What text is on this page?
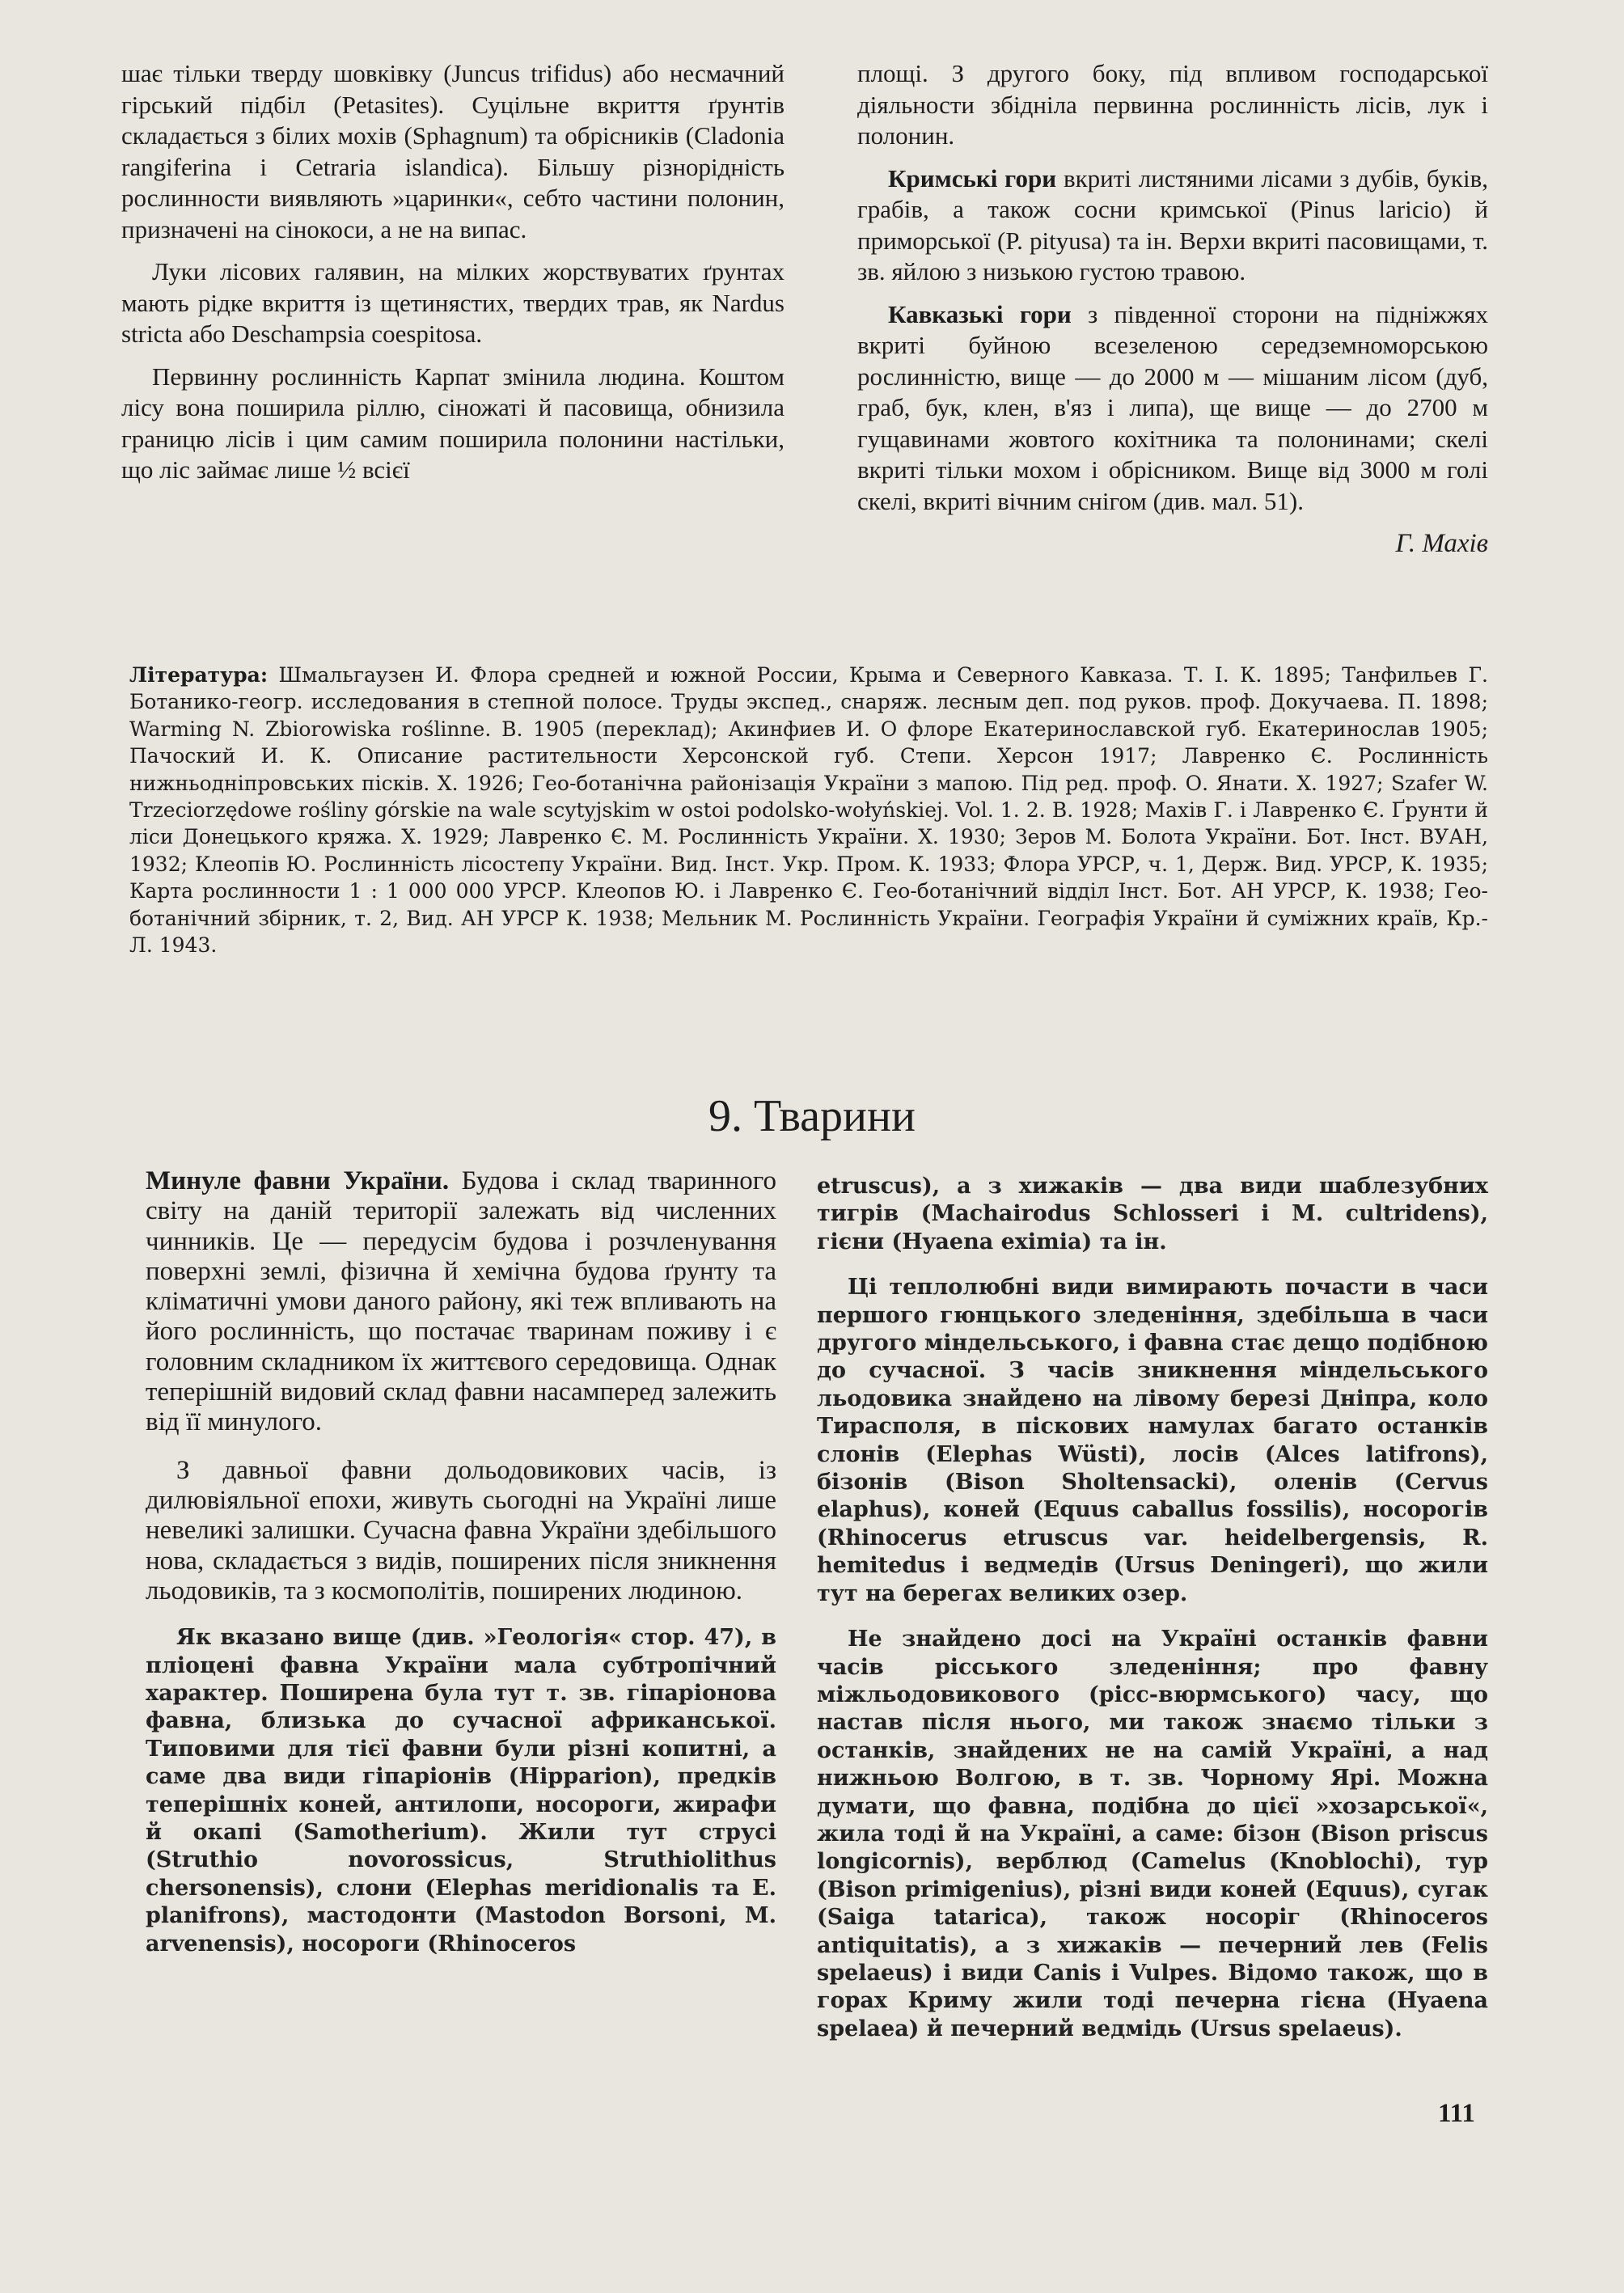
шає тільки тверду шовківку (Juncus trifidus) або несмачний гірський підбіл (Petasites). Суцільне вкриття ґрунтів складається з білих мохів (Sphagnum) та обрісників (Cladonia rangiferina і Cetraria islandica). Більшу різнорідність рослинности виявляють »царинки«, себто частини полонин, призначені на сінокоси, а не на випас.

Луки лісових галявин, на мілких жорствуватих ґрунтах мають рідке вкриття із щетинястих, твердих трав, як Nardus stricta або Deschampsia coespitosa.

Первинну рослинність Карпат змінила людина. Коштом лісу вона поширила ріллю, сіножаті й пасовища, обнизила границю лісів і цим самим поширила полонини настільки, що ліс займає лише ½ всієї

площі. З другого боку, під впливом господарської діяльности збідніла первинна рослинність лісів, лук і полонин.

Кримські гори вкриті листяними лісами з дубів, буків, грабів, а також сосни кримської (Pinus laricio) й приморської (P. pityusa) та ін. Верхи вкриті пасовищами, т. зв. яйлою з низькою густою травою.

Кавказькі гори з південної сторони на підніжжях вкриті буйною всезеленою середземноморською рослинністю, вище — до 2000 м — мішаним лісом (дуб, граб, бук, клен, в'яз і липа), ще вище — до 2700 м гущавинами жовтого кохітника та полонинами; скелі вкриті тільки мохом і обрісником. Вище від 3000 м голі скелі, вкриті вічним снігом (див. мал. 51).

Г. Махів
Література: Шмальгаузен И. Флора средней и южной России, Крыма и Северного Кавказа. Т. І. К. 1895; Танфильев Г. Ботанико-геогр. исследования в степной полосе. Труды экспед., снаряж. лесным деп. под руков. проф. Докучаева. П. 1898; Warming N. Zbiorowiska roślinne. В. 1905 (переклад); Акинфиев И. О флоре Екатеринославской губ. Екатеринослав 1905; Пачоский И. К. Описание растительности Херсонской губ. Степи. Херсон 1917; Лавренко Є. Рослинність нижньодніпровських пісків. Х. 1926; Гео-ботанічна районізація України з мапою. Під ред. проф. О. Янати. Х. 1927; Szafer W. Trzeciorzędowe rośliny górskie na wale scytyjskim w ostoi podolsko-wołyńskiej. Vol. 1. 2. В. 1928; Махів Г. і Лавренко Є. Ґрунти й ліси Донецького кряжа. Х. 1929; Лавренко Є. М. Рослинність України. Х. 1930; Зеров М. Болота України. Бот. Інст. ВУАН, 1932; Клеопів Ю. Рослинність лісостепу України. Вид. Інст. Укр. Пром. К. 1933; Флора УРСР, ч. 1, Держ. Вид. УРСР, К. 1935; Карта рослинности 1 : 1 000 000 УРСР. Клеопов Ю. і Лавренко Є. Гео-ботанічний відділ Інст. Бот. АН УРСР, К. 1938; Гео-ботанічний збірник, т. 2, Вид. АН УРСР К. 1938; Мельник М. Рослинність України. Географія України й суміжних країв, Кр.-Л. 1943.
9. Тварини

Минуле фавни України. Будова і склад тваринного світу на даній території залежать від численних чинників. Це — передусім будова і розчленування поверхні землі, фізична й хемічна будова ґрунту та кліматичні умови даного району, які теж впливають на його рослинність, що постачає тваринам поживу і є головним складником їх життєвого середовища. Однак теперішній видовий склад фавни насамперед залежить від її минулого.

З давньої фавни дольодовикових часів, із дилювіяльної епохи, живуть сьогодні на Україні лише невеликі залишки. Сучасна фавна України здебільшого нова, складається з видів, поширених після зникнення льодовиків, та з космополітів, поширених людиною.

Як вказано вище (див. »Геологія« стор. 47), в пліоцені фавна України мала субтропічний характер. Поширена була тут т. зв. гіпаріонова фавна, близька до сучасної африканської. Типовими для тієї фавни були різні копитні, а саме два види гіпаріонів (Hipparion), предків теперішніх коней, антилопи, носороги, жирафи й окапі (Samotherium). Жили тут струсі (Struthio novorossicus, Struthiolithus chersonensis), слони (Elephas meridionalis та E. planifrons), мастодонти (Mastodon Borsoni, M. arvenensis), носороги (Rhinoceros

etruscus), а з хижаків — два види шаблезубних тигрів (Machairodus Schlosseri і M. cultridens), гієни (Hyaena eximia) та ін.

Ці теплолюбні види вимирають почасти в часи першого гюнцького зледеніння, здебільша в часи другого міндельського, і фавна стає дещо подібною до сучасної. З часів зникнення міндельського льодовика знайдено на лівому березі Дніпра, коло Тирасполя, в піскових намулах багато останків слонів (Elephas Wüsti), лосів (Alces latifrons), бізонів (Bison Sholtensacki), оленів (Cervus elaphus), коней (Equus caballus fossilis), носорогів (Rhinocerus etruscus var. heidelbergensis, R. hemitedus і ведмедів (Ursus Deningeri), що жили тут на берегах великих озер.

Не знайдено досі на Україні останків фавни часів рісського зледеніння; про фавну міжльодовикового (рісс-вюрмського) часу, що настав після нього, ми також знаємо тільки з останків, знайдених не на самій Україні, а над нижньою Волгою, в т. зв. Чорному Ярі. Можна думати, що фавна, подібна до цієї »хозарської«, жила тоді й на Україні, а саме: бізон (Bison priscus longicornis), верблюд (Camelus (Knoblochi), тур (Bison primigenius), різні види коней (Equus), сугак (Saiga tatarica), також носоріг (Rhinoceros antiquitatis), а з хижаків — печерний лев (Felis spelaeus) і види Canis і Vulpes. Відомо також, що в горах Криму жили тоді печерна гієна (Hyaena spelaea) й печерний ведмідь (Ursus spelaeus).

111
